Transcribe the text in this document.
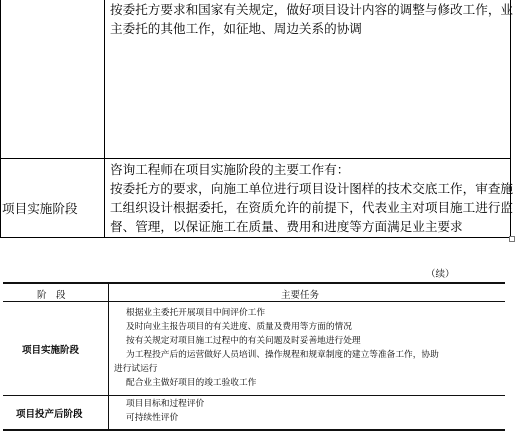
按委托方要求和国家有关规定，做好项目设计内容的调整与修改工作，业
主委托的其他工作，如征地、周边关系的协调
项目实施阶段
咨询工程师在项目实施阶段的主要工作有：
按委托方的要求，向施工单位进行项目设计图样的技术交底工作，审查施
工组织设计根据委托，在资质允许的前提下，代表业主对项目施工进行监
督、管理，以保证施工在质量、费用和进度等方面满足业主要求
（续）
阶　段	主要任务
项目实施阶段
根据业主委托开展项目中间评价工作
及时向业主报告项目的有关进度、质量及费用等方面的情况
按有关规定对项目施工过程中的有关问题及时妥善地进行处理
为工程投产后的运营做好人员培训、操作规程和规章制度的建立等准备工作，协助
进行试运行
配合业主做好项目的竣工验收工作
项目投产后阶段
项目目标和过程评价
可持续性评价
